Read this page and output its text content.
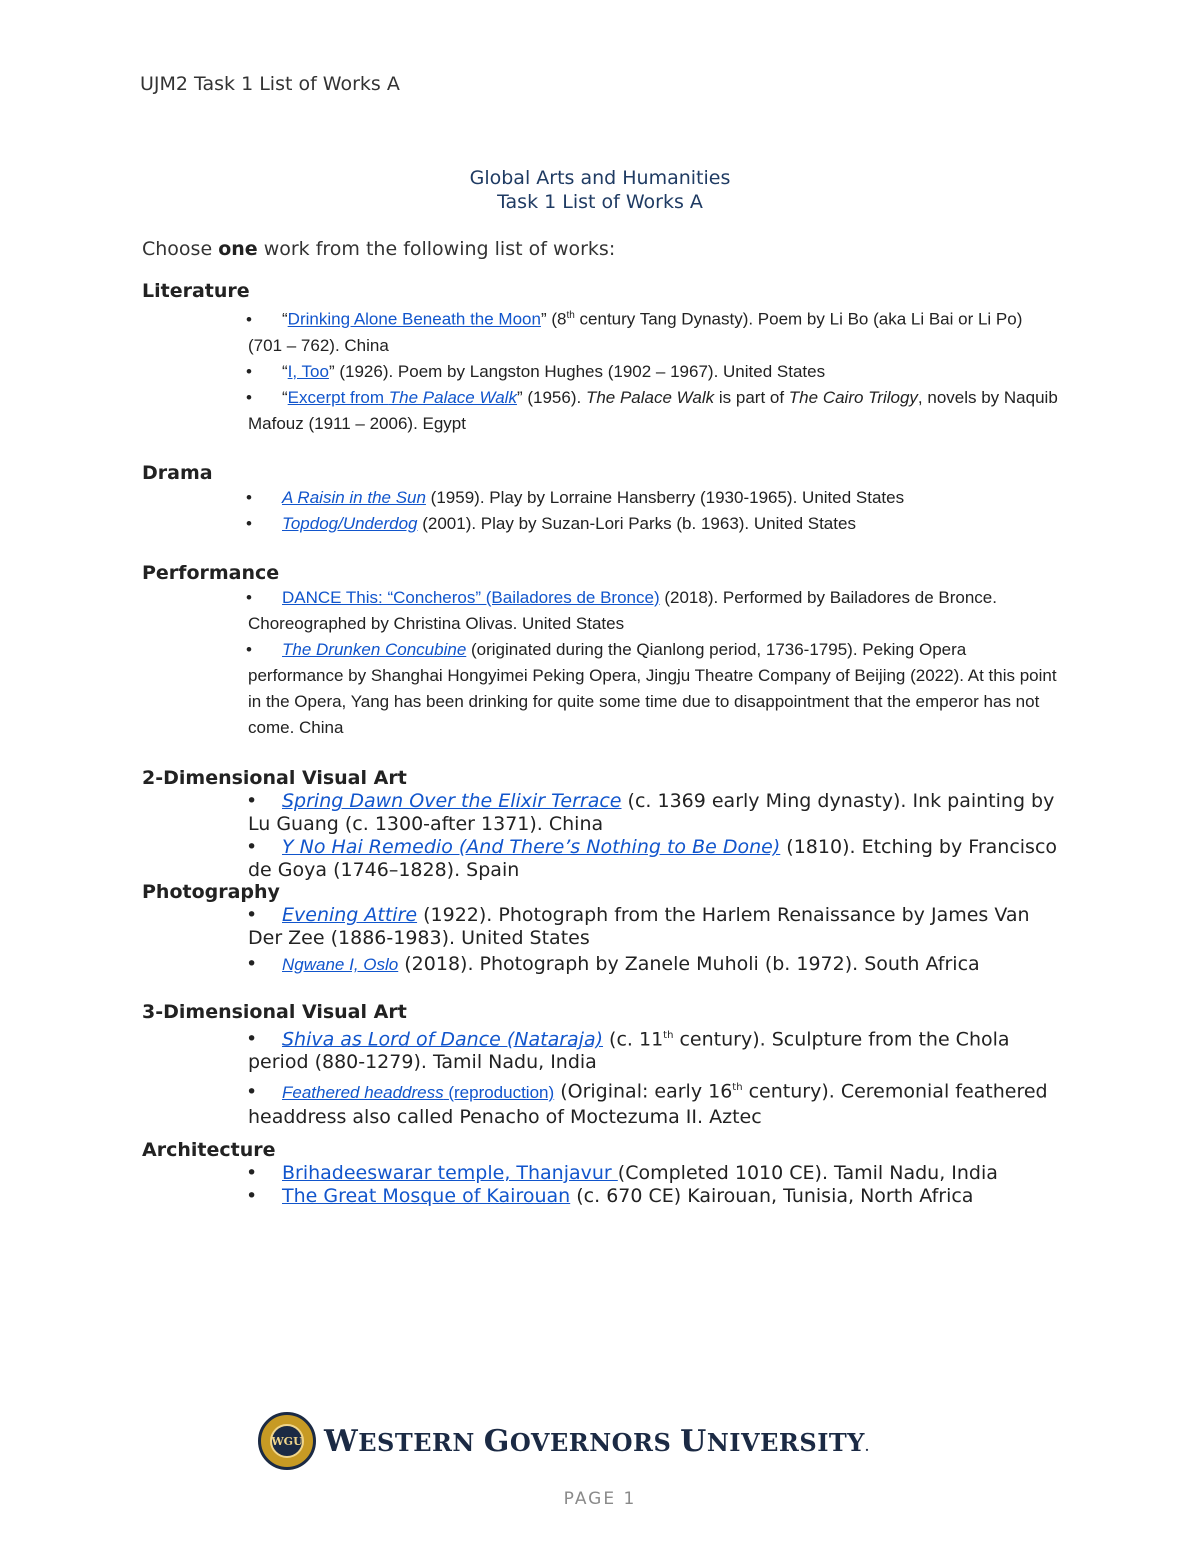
UJM2 Task 1 List of Works A
Global Arts and Humanities
Task 1 List of Works A
Choose one work from the following list of works:
Literature
• “Drinking Alone Beneath the Moon” (8th century Tang Dynasty). Poem by Li Bo (aka Li Bai or Li Po) (701 – 762). China
• “I, Too” (1926). Poem by Langston Hughes (1902 – 1967). United States
• “Excerpt from The Palace Walk” (1956). The Palace Walk is part of The Cairo Trilogy, novels by Naquib Mafouz (1911 – 2006). Egypt
Drama
• A Raisin in the Sun (1959). Play by Lorraine Hansberry (1930-1965). United States
• Topdog/Underdog (2001). Play by Suzan-Lori Parks (b. 1963). United States
Performance
• DANCE This: “Concheros” (Bailadores de Bronce) (2018). Performed by Bailadores de Bronce. Choreographed by Christina Olivas. United States
• The Drunken Concubine (originated during the Qianlong period, 1736-1795). Peking Opera performance by Shanghai Hongyimei Peking Opera, Jingju Theatre Company of Beijing (2022). At this point in the Opera, Yang has been drinking for quite some time due to disappointment that the emperor has not come. China
2-Dimensional Visual Art
• Spring Dawn Over the Elixir Terrace (c. 1369 early Ming dynasty). Ink painting by Lu Guang (c. 1300-after 1371). China
• Y No Hai Remedio (And There’s Nothing to Be Done) (1810). Etching by Francisco de Goya (1746–1828). Spain
Photography
• Evening Attire (1922). Photograph from the Harlem Renaissance by James Van Der Zee (1886-1983). United States
• Ngwane I, Oslo (2018). Photograph by Zanele Muholi (b. 1972). South Africa
3-Dimensional Visual Art
• Shiva as Lord of Dance (Nataraja) (c. 11th century). Sculpture from the Chola period (880-1279). Tamil Nadu, India
• Feathered headdress (reproduction) (Original: early 16th century). Ceremonial feathered headdress also called Penacho of Moctezuma II. Aztec
Architecture
• Brihadeeswarar temple, Thanjavur (Completed 1010 CE). Tamil Nadu, India
• The Great Mosque of Kairouan (c. 670 CE) Kairouan, Tunisia, North Africa
WGU WESTERN GOVERNORS UNIVERSITY.
PAGE 1
